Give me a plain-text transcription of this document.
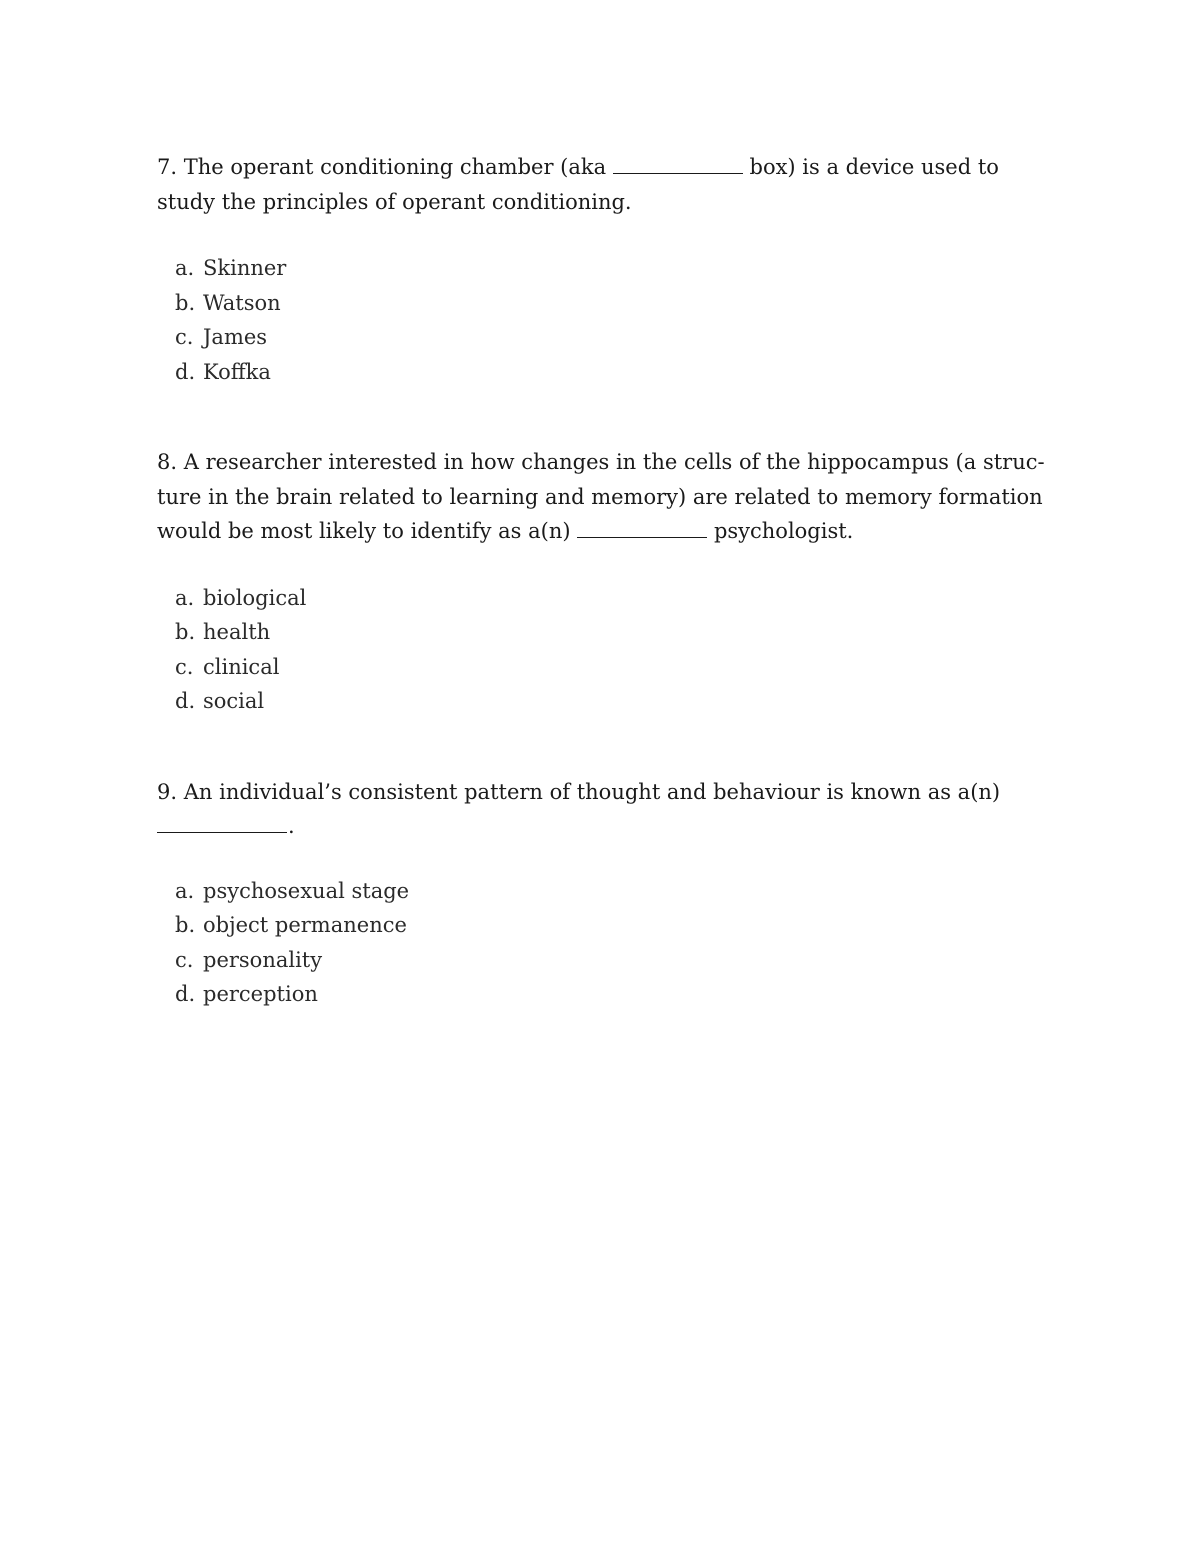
7. The operant conditioning chamber (aka	box) is a device used to study the principles of operant conditioning.

a. Skinner
b. Watson
c. James
d. Koffka

8. A researcher interested in how changes in the cells of the hippocampus (a struc-ture in the brain related to learning and memory) are related to memory formation would be most likely to identify as a(n)	psychologist.

a. biological
b. health
c. clinical
d. social

9. An individual’s consistent pattern of thought and behaviour is known as a(n)

.

a. psychosexual stage
b. object permanence
c. personality
d. perception
